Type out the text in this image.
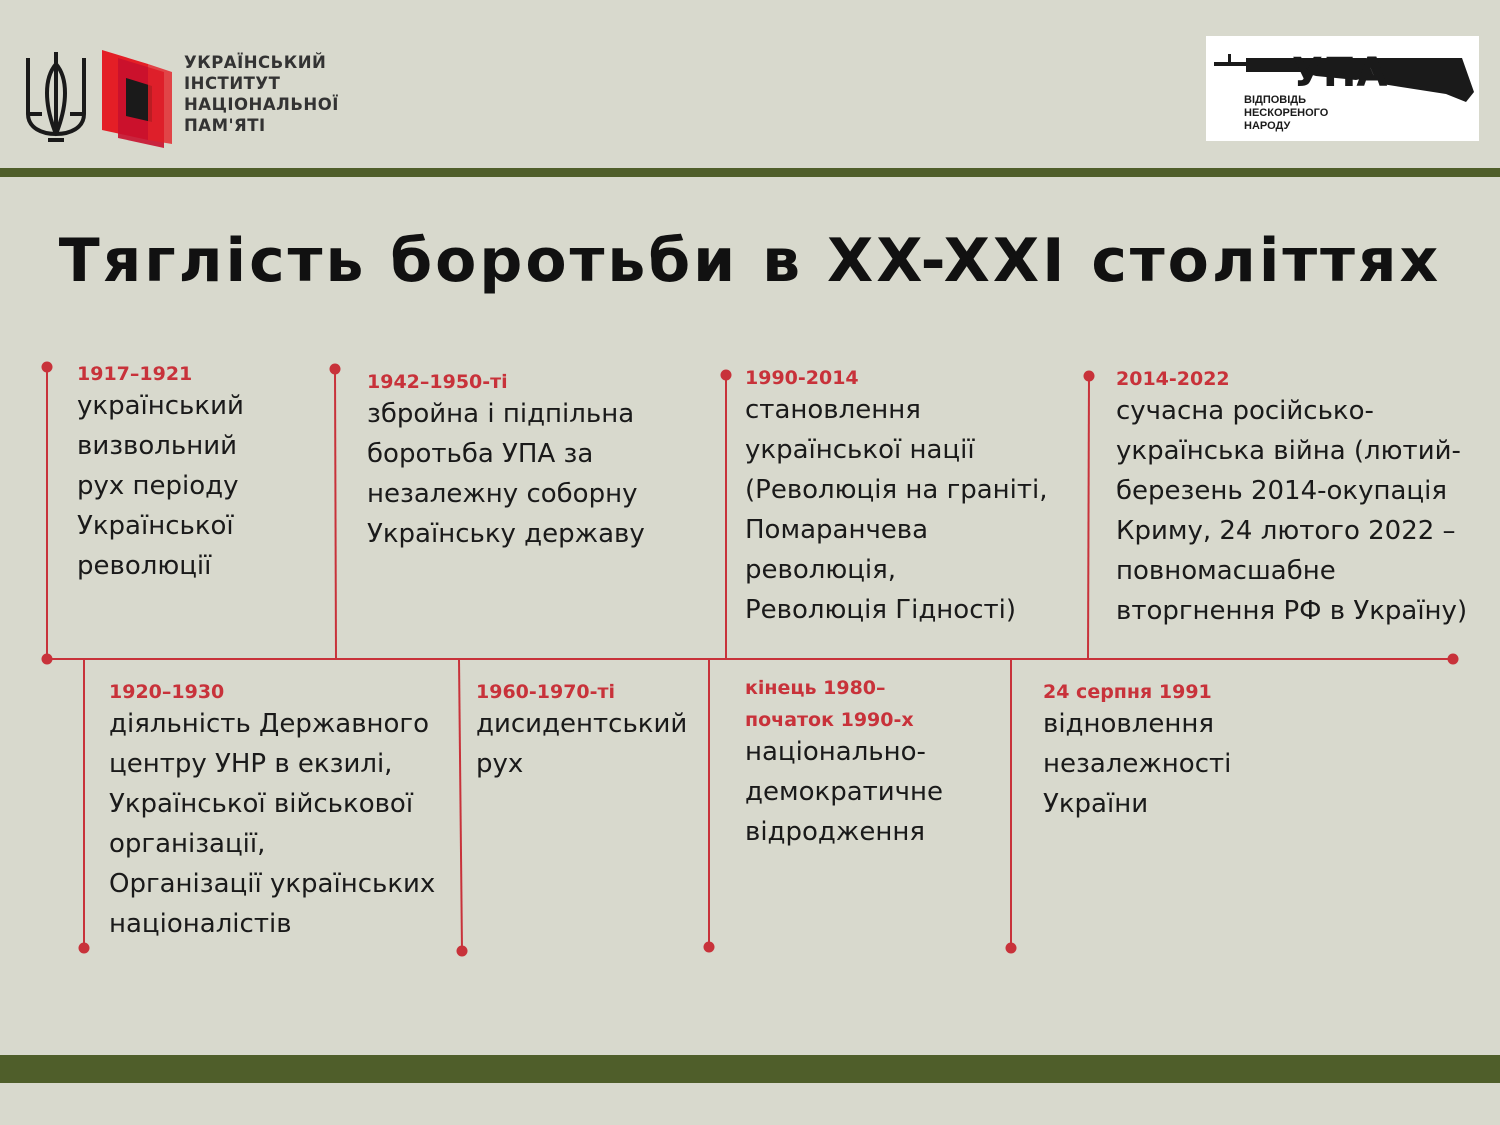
УКРАЇНСЬКИЙ
ІНСТИТУТ
НАЦІОНАЛЬНОЇ
ПАМ'ЯТІ
УПА
ВІДПОВІДЬ
НЕСКОРЕНОГО
НАРОДУ
Тяглість боротьби в XX-XXI століттях
1917–1921
український
визвольний
рух періоду
Української
революції
1942–1950-ті
збройна і підпільна
боротьба УПА за
незалежну соборну
Українську державу
1990-2014
становлення
української нації
(Революція на граніті,
Помаранчева
революція,
Революція Гідності)
2014-2022
сучасна російсько-
українська війна (лютий-
березень 2014-окупація
Криму, 24 лютого 2022 –
повномасшабне
вторгнення РФ в Україну)
1920–1930
діяльність Державного
центру УНР в екзилі,
Української військової
організації,
Організації українських
націоналістів
1960-1970-ті
дисидентський
рух
кінець 1980–
початок 1990-х
національно-
демократичне
відродження
24 серпня 1991
відновлення
незалежності
України
